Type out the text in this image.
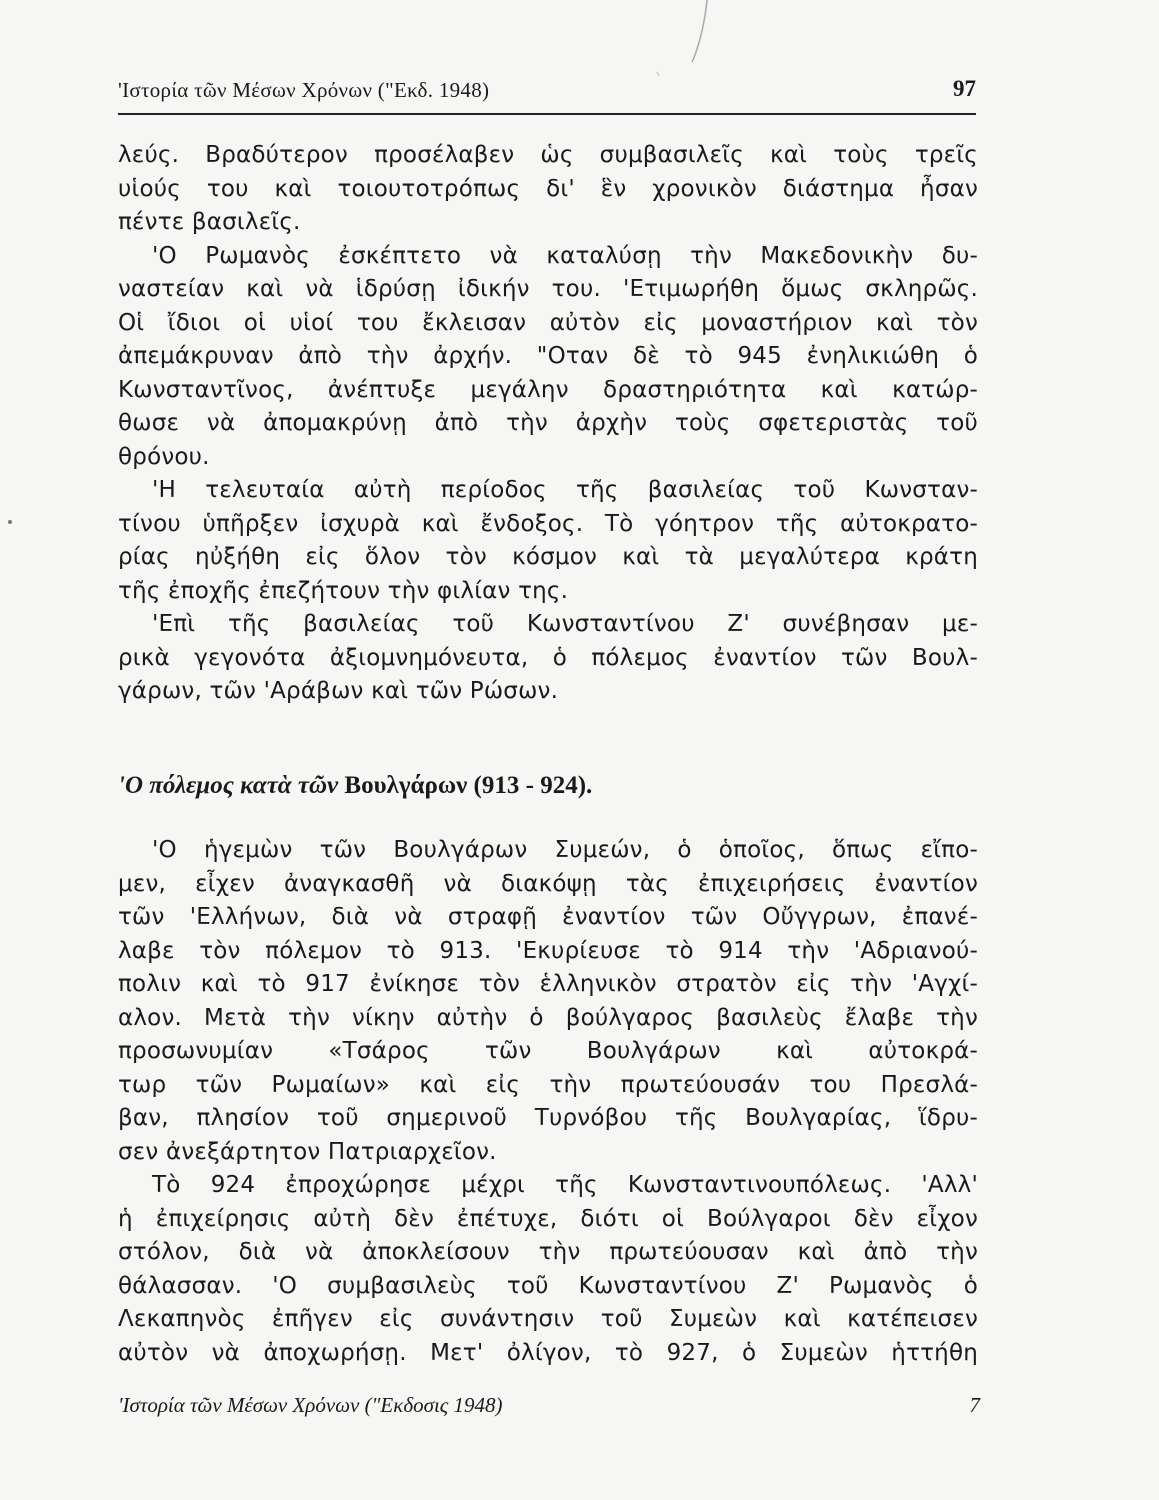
'Ιστορία τῶν Μέσων Χρόνων ("Εκδ. 1948)	97
λεύς. Βραδύτερον προσέλαβεν ὡς συμβασιλεῖς καὶ τοὺς τρεῖς
υἱούς του καὶ τοιουτοτρόπως δι' ἓν χρονικὸν διάστημα ἦσαν
πέντε βασιλεῖς.
'Ο Ρωμανὸς ἐσκέπτετο νὰ καταλύσῃ τὴν Μακεδονικὴν δυ-
ναστείαν καὶ νὰ ἱδρύσῃ ἰδικήν του. 'Ετιμωρήθη ὅμως σκληρῶς.
Οἱ ἴδιοι οἱ υἱοί του ἔκλεισαν αὐτὸν εἰς μοναστήριον καὶ τὸν
ἀπεμάκρυναν ἀπὸ τὴν ἀρχήν. "Οταν δὲ τὸ 945 ἐνηλικιώθη ὁ
Κωνσταντῖνος, ἀνέπτυξε μεγάλην δραστηριότητα καὶ κατώρ-
θωσε νὰ ἀπομακρύνῃ ἀπὸ τὴν ἀρχὴν τοὺς σφετεριστὰς τοῦ
θρόνου.
'Η τελευταία αὐτὴ περίοδος τῆς βασιλείας τοῦ Κωνσταν-
τίνου ὑπῆρξεν ἰσχυρὰ καὶ ἔνδοξος. Τὸ γόητρον τῆς αὐτοκρατο-
ρίας ηὐξήθη εἰς ὅλον τὸν κόσμον καὶ τὰ μεγαλύτερα κράτη
τῆς ἐποχῆς ἐπεζήτουν τὴν φιλίαν της.
'Επὶ τῆς βασιλείας τοῦ Κωνσταντίνου Ζ' συνέβησαν με-
ρικὰ γεγονότα ἀξιομνημόνευτα, ὁ πόλεμος ἐναντίον τῶν Βουλ-
γάρων, τῶν 'Αράβων καὶ τῶν Ρώσων.
'Ο πόλεμος κατὰ τῶν Βουλγάρων (913 - 924).
'Ο ἡγεμὼν τῶν Βουλγάρων Συμεών, ὁ ὁποῖος, ὅπως εἴπο-
μεν, εἶχεν ἀναγκασθῆ νὰ διακόψῃ τὰς ἐπιχειρήσεις ἐναντίον
τῶν 'Ελλήνων, διὰ νὰ στραφῇ ἐναντίον τῶν Οὔγγρων, ἐπανέ-
λαβε τὸν πόλεμον τὸ 913. 'Εκυρίευσε τὸ 914 τὴν 'Αδριανού-
πολιν καὶ τὸ 917 ἐνίκησε τὸν ἑλληνικὸν στρατὸν εἰς τὴν 'Αγχί-
αλον. Μετὰ τὴν νίκην αὐτὴν ὁ βούλγαρος βασιλεὺς ἔλαβε τὴν
προσωνυμίαν «Τσάρος τῶν Βουλγάρων καὶ αὐτοκρά-
τωρ τῶν Ρωμαίων» καὶ εἰς τὴν πρωτεύουσάν του Πρεσλά-
βαν, πλησίον τοῦ σημερινοῦ Τυρνόβου τῆς Βουλγαρίας, ἵδρυ-
σεν ἀνεξάρτητον Πατριαρχεῖον.
Τὸ 924 ἐπροχώρησε μέχρι τῆς Κωνσταντινουπόλεως. 'Αλλ'
ἡ ἐπιχείρησις αὐτὴ δὲν ἐπέτυχε, διότι οἱ Βούλγαροι δὲν εἶχον
στόλον, διὰ νὰ ἀποκλείσουν τὴν πρωτεύουσαν καὶ ἀπὸ τὴν
θάλασσαν. 'Ο συμβασιλεὺς τοῦ Κωνσταντίνου Ζ' Ρωμανὸς ὁ
Λεκαπηνὸς ἐπῆγεν εἰς συνάντησιν τοῦ Συμεὼν καὶ κατέπεισεν
αὐτὸν νὰ ἀποχωρήσῃ. Μετ' ὀλίγον, τὸ 927, ὁ Συμεὼν ἡττήθη
'Ιστορία τῶν Μέσων Χρόνων ("Εκδοσις 1948)	7
